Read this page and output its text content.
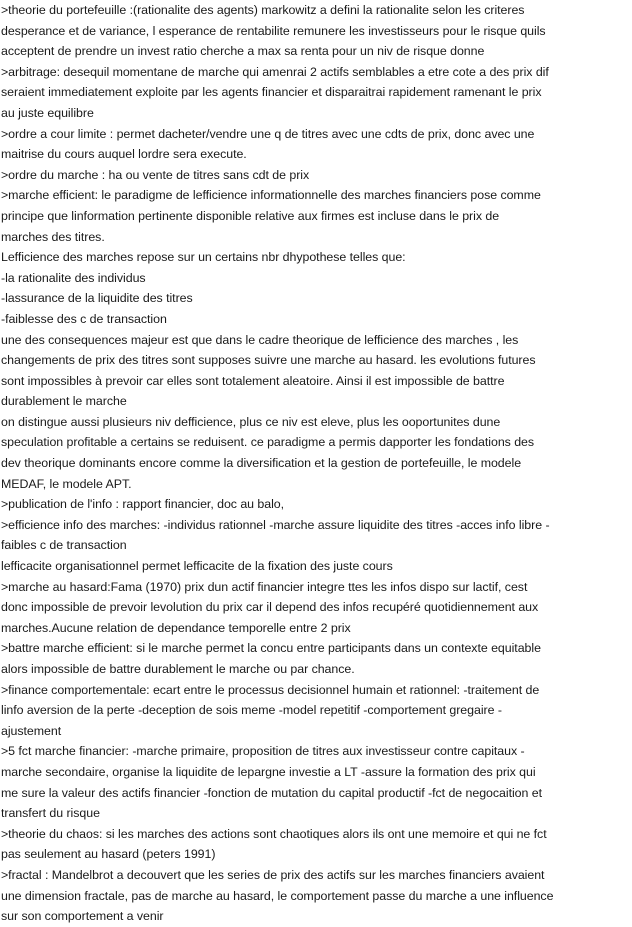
>theorie du portefeuille :(rationalite des agents) markowitz a defini la rationalite selon les criteres
desperance et de variance, l esperance de rentabilite remunere les investisseurs pour le risque quils
acceptent de prendre un invest ratio cherche a max sa renta pour un niv de risque donne
>arbitrage: desequil momentane de marche qui amenrai 2 actifs semblables a etre cote a des prix dif
seraient immediatement exploite par les agents financier et disparaitrai rapidement ramenant le prix
au juste equilibre
>ordre a cour limite : permet dacheter/vendre une q de titres avec une cdts de prix, donc avec une
maitrise du cours auquel lordre sera execute.
>ordre du marche : ha ou vente de titres sans cdt de prix
>marche efficient: le paradigme de lefficience informationnelle des marches financiers pose comme
principe que linformation pertinente disponible relative aux firmes est incluse dans le prix de
marches des titres.
Lefficience des marches repose sur un certains nbr dhypothese telles que:
-la rationalite des individus
-lassurance de la liquidite des titres
-faiblesse des c de transaction
une des consequences majeur est que dans le cadre theorique de lefficience des marches , les
changements de prix des titres sont supposes suivre une marche au hasard. les evolutions futures
sont impossibles à prevoir car elles sont totalement aleatoire. Ainsi il est impossible de battre
durablement le marche
on distingue aussi plusieurs niv defficience, plus ce niv est eleve, plus les ooportunites dune
speculation profitable a certains se reduisent. ce paradigme a permis dapporter les fondations des
dev theorique dominants encore comme la diversification et la gestion de portefeuille, le modele
MEDAF, le modele APT.
>publication de l'info : rapport financier, doc au balo,
>efficience info des marches: -individus rationnel -marche assure liquidite des titres -acces info libre -
faibles c de transaction
lefficacite organisationnel permet lefficacite de la fixation des juste cours
>marche au hasard:Fama (1970) prix dun actif financier integre ttes les infos dispo sur lactif, cest
donc impossible de prevoir levolution du prix car il depend des infos recupéré quotidiennement aux
marches.Aucune relation de dependance temporelle entre 2 prix
>battre marche efficient: si le marche permet la concu entre participants dans un contexte equitable
alors impossible de battre durablement le marche ou par chance.
>finance comportementale: ecart entre le processus decisionnel humain et rationnel: -traitement de
linfo aversion de la perte -deception de sois meme -model repetitif -comportement gregaire -
ajustement
>5 fct marche financier: -marche primaire, proposition de titres aux investisseur contre capitaux -
marche secondaire, organise la liquidite de lepargne investie a LT -assure la formation des prix qui
me sure la valeur des actifs financier -fonction de mutation du capital productif -fct de negocaition et
transfert du risque
>theorie du chaos: si les marches des actions sont chaotiques alors ils ont une memoire et qui ne fct
pas seulement au hasard (peters 1991)
>fractal : Mandelbrot a decouvert que les series de prix des actifs sur les marches financiers avaient
une dimension fractale, pas de marche au hasard, le comportement passe du marche a une influence
sur son comportement a venir
